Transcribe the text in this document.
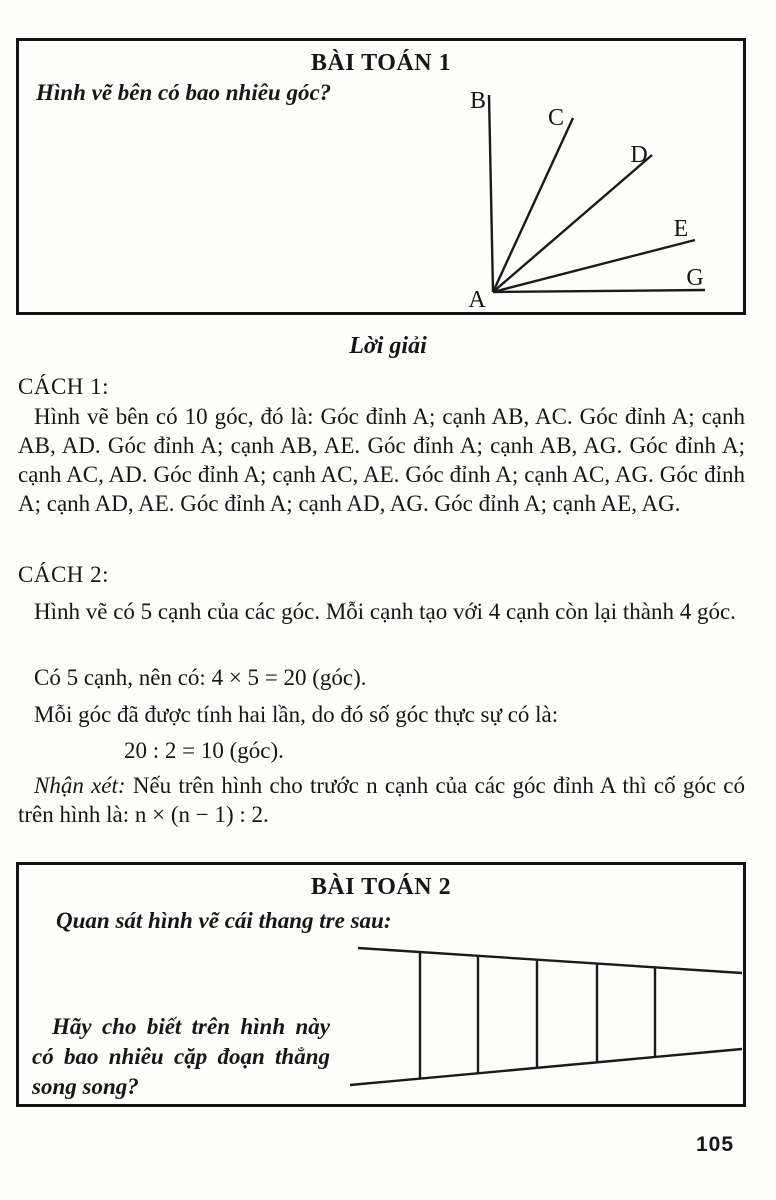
BÀI TOÁN 1

Hình vẽ bên có bao nhiêu góc?

A
B
C
D
E
G
Lời giải
CÁCH 1:

Hình vẽ bên có 10 góc, đó là: Góc đỉnh A; cạnh AB, AC. Góc đỉnh A; cạnh AB, AD. Góc đỉnh A; cạnh AB, AE. Góc đỉnh A; cạnh AB, AG. Góc đỉnh A; cạnh AC, AD. Góc đỉnh A; cạnh AC, AE. Góc đỉnh A; cạnh AC, AG. Góc đỉnh A; cạnh AD, AE. Góc đỉnh A; cạnh AD, AG. Góc đỉnh A; cạnh AE, AG.

CÁCH 2:

Hình vẽ có 5 cạnh của các góc. Mỗi cạnh tạo với 4 cạnh còn lại thành 4 góc.

Có 5 cạnh, nên có: 4 × 5 = 20 (góc).

Mỗi góc đã được tính hai lần, do đó số góc thực sự có là:

20 : 2 = 10 (góc).

Nhận xét: Nếu trên hình cho trước n cạnh của các góc đỉnh A thì cố góc có trên hình là: n × (n − 1) : 2.

BÀI TOÁN 2

Quan sát hình vẽ cái thang tre sau:

Hãy cho biết trên hình này có bao nhiêu cặp đoạn thẳng song song?

105
